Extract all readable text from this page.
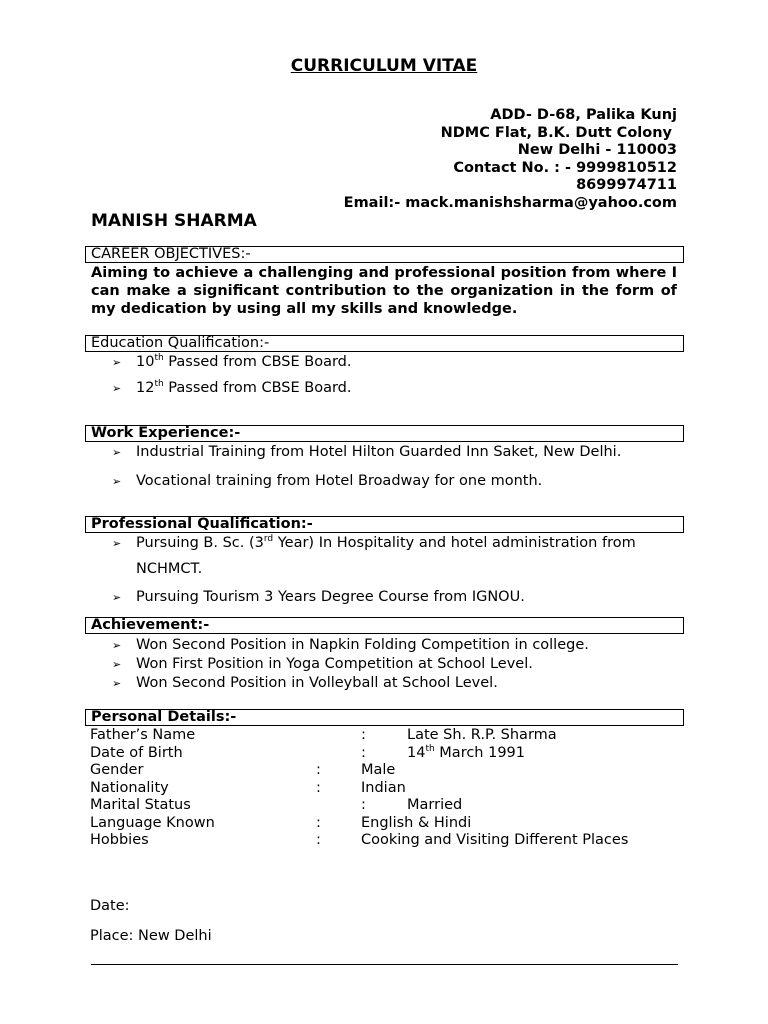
CURRICULUM VITAE
ADD- D-68, Palika Kunj
NDMC Flat, B.K. Dutt Colony
New Delhi - 110003
Contact No. : - 9999810512
8699974711
Email:- mack.manishsharma@yahoo.com
MANISH SHARMA
CAREER OBJECTIVES:-
Aiming to achieve a challenging and professional position from where I can make a significant contribution to the organization in the form of my dedication by using all my skills and knowledge.
Education Qualification:-
➢ 10th Passed from CBSE Board.
➢ 12th Passed from CBSE Board.
Work Experience:-
➢ Industrial Training from Hotel Hilton Guarded Inn Saket, New Delhi.
➢ Vocational training from Hotel Broadway for one month.
Professional Qualification:-
➢ Pursuing B. Sc. (3rd Year) In Hospitality and hotel administration from
NCHMCT.
➢ Pursuing Tourism 3 Years Degree Course from IGNOU.
Achievement:-
➢ Won Second Position in Napkin Folding Competition in college.
➢ Won First Position in Yoga Competition at School Level.
➢ Won Second Position in Volleyball at School Level.
Personal Details:-
Father’s Name	:	Late Sh. R.P. Sharma
Date of Birth	:	14th March 1991
Gender	:	Male
Nationality	:	Indian
Marital Status	:	Married
Language Known	:	English & Hindi
Hobbies	:	Cooking and Visiting Different Places
Date:
Place: New Delhi
